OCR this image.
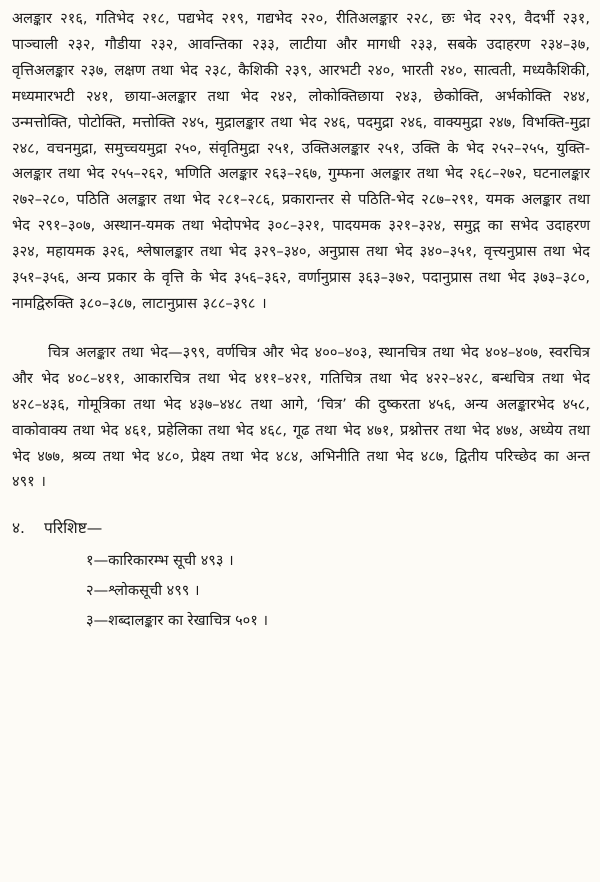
अलङ्कार २१६, गतिभेद २१८, पद्यभेद २१९, गद्यभेद २२०, रीतिअलङ्कार २२८, छः भेद २२९, वैदर्भी २३१, पाञ्चाली २३२, गौडीया २३२, आवन्तिका २३३, लाटीया और मागधी २३३, सबके उदाहरण २३४–३७, वृत्तिअलङ्कार २३७, लक्षण तथा भेद २३८, कैशिकी २३९, आरभटी २४०, भारती २४०, सात्वती, मध्यकैशिकी, मध्यमारभटी २४१, छाया-अलङ्कार तथा भेद २४२, लोकोक्तिछाया २४३, छेकोक्ति, अर्भकोक्ति २४४, उन्मत्तोक्ति, पोटोक्ति, मत्तोक्ति २४५, मुद्रालङ्कार तथा भेद २४६, पदमुद्रा २४६, वाक्यमुद्रा २४७, विभक्ति-मुद्रा २४८, वचनमुद्रा, समुच्चयमुद्रा २५०, संवृतिमुद्रा २५१, उक्तिअलङ्कार २५१, उक्ति के भेद २५२–२५५, युक्ति-अलङ्कार तथा भेद २५५–२६२, भणिति अलङ्कार २६३–२६७, गुम्फना अलङ्कार तथा भेद २६८–२७२, घटनालङ्कार २७२–२८०, पठिति अलङ्कार तथा भेद २८१–२८६, प्रकारान्तर से पठिति-भेद २८७–२९१, यमक अलङ्कार तथा भेद २९१–३०७, अस्थान-यमक तथा भेदोपभेद ३०८–३२१, पादयमक ३२१–३२४, समुद्ग का सभेद उदाहरण ३२४, महायमक ३२६, श्लेषालङ्कार तथा भेद ३२९–३४०, अनुप्रास तथा भेद ३४०–३५१, वृत्त्यनुप्रास तथा भेद ३५१–३५६, अन्य प्रकार के वृत्ति के भेद ३५६–३६२, वर्णानुप्रास ३६३–३७२, पदानुप्रास तथा भेद ३७३–३८०, नामद्विरुक्ति ३८०–३८७, लाटानुप्रास ३८८–३९८ ।

चित्र अलङ्कार तथा भेद—३९९, वर्णचित्र और भेद ४००–४०३, स्थानचित्र तथा भेद ४०४–४०७, स्वरचित्र और भेद ४०८–४११, आकारचित्र तथा भेद ४११–४२१, गतिचित्र तथा भेद ४२२–४२८, बन्धचित्र तथा भेद ४२८–४३६, गोमूत्रिका तथा भेद ४३७–४४८ तथा आगे, ‘चित्र’ की दुष्करता ४५६, अन्य अलङ्कारभेद ४५८, वाकोवाक्य तथा भेद ४६१, प्रहेलिका तथा भेद ४६८, गूढ तथा भेद ४७१, प्रश्नोत्तर तथा भेद ४७४, अध्येय तथा भेद ४७७, श्रव्य तथा भेद ४८०, प्रेक्ष्य तथा भेद ४८४, अभिनीति तथा भेद ४८७, द्वितीय परिच्छेद का अन्त ४९१ ।

४. परिशिष्ट—
१—कारिकारम्भ सूची ४९३ ।
२—श्लोकसूची ४९९ ।
३—शब्दालङ्कार का रेखाचित्र ५०१ ।
